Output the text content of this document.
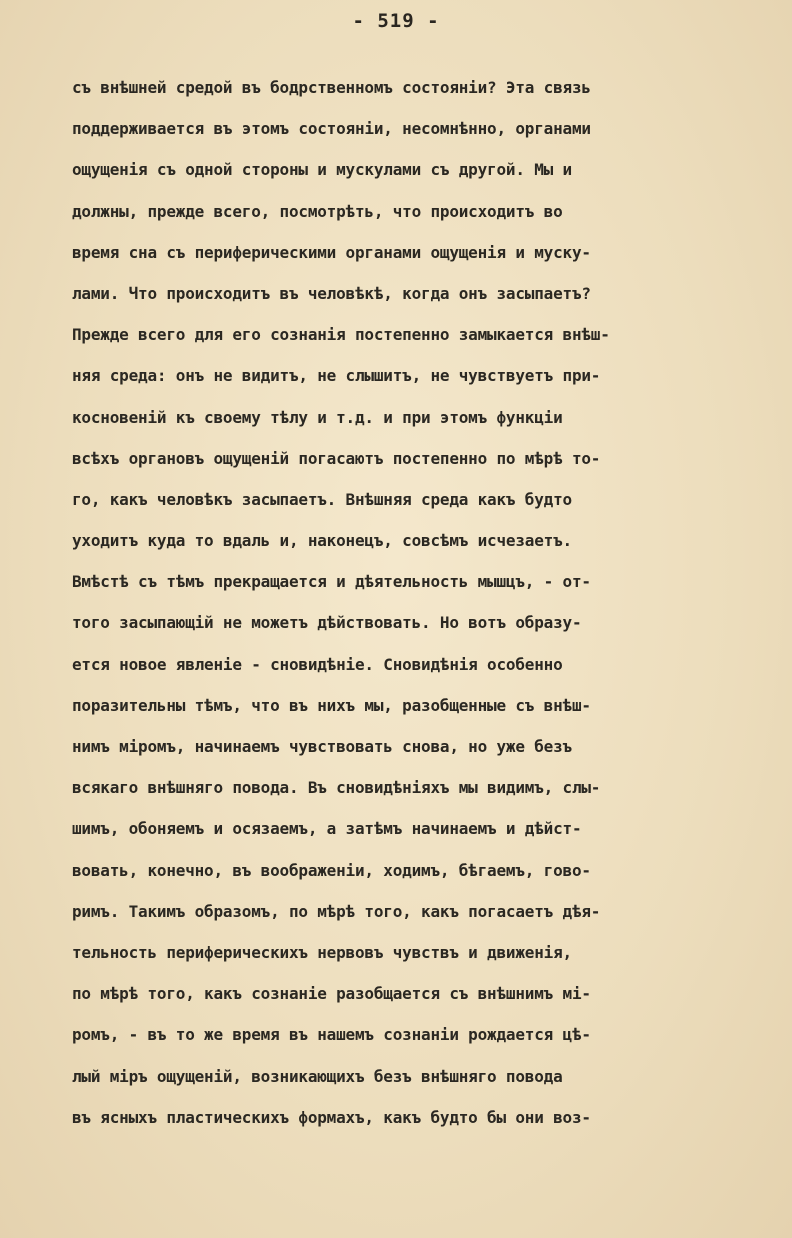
- 519 -
съ внѣшней средой въ бодрственномъ состоянiи? Эта связь
поддерживается въ этомъ состоянiи, несомнѣнно, органами
ощущенiя съ одной стороны и мускулами съ другой. Мы и
должны, прежде всего, посмотрѣть, что происходитъ во
время сна съ периферическими органами ощущенiя и муску-
лами. Что происходитъ въ человѣкѣ, когда онъ засыпаетъ?
Прежде всего для его сознанiя постепенно замыкается внѣш-
няя среда: онъ не видитъ, не слышитъ, не чувствуетъ при-
косновенiй къ своему тѣлу и т.д. и при этомъ функцiи
всѣхъ органовъ ощущенiй погасаютъ постепенно по мѣрѣ то-
го, какъ человѣкъ засыпаетъ. Внѣшняя среда какъ будто
уходитъ куда то вдаль и, наконецъ, совсѣмъ исчезаетъ.
Вмѣстѣ съ тѣмъ прекращается и дѣятельность мышцъ, - от-
того засыпающiй не можетъ дѣйствовать. Но вотъ образу-
ется новое явленiе - сновидѣнiе. Сновидѣнiя особенно
поразительны тѣмъ, что въ нихъ мы, разобщенные съ внѣш-
нимъ мiромъ, начинаемъ чувствовать снова, но уже безъ
всякаго внѣшняго повода. Въ сновидѣнiяхъ мы видимъ, слы-
шимъ, обоняемъ и осязаемъ, а затѣмъ начинаемъ и дѣйст-
вовать, конечно, въ воображенiи, ходимъ, бѣгаемъ, гово-
римъ. Такимъ образомъ, по мѣрѣ того, какъ погасаетъ дѣя-
тельность периферическихъ нервовъ чувствъ и движенiя,
по мѣрѣ того, какъ сознанiе разобщается съ внѣшнимъ мi-
ромъ, - въ то же время въ нашемъ сознанiи рождается цѣ-
лый мiръ ощущенiй, возникающихъ безъ внѣшняго повода
въ ясныхъ пластическихъ формахъ, какъ будто бы они воз-
